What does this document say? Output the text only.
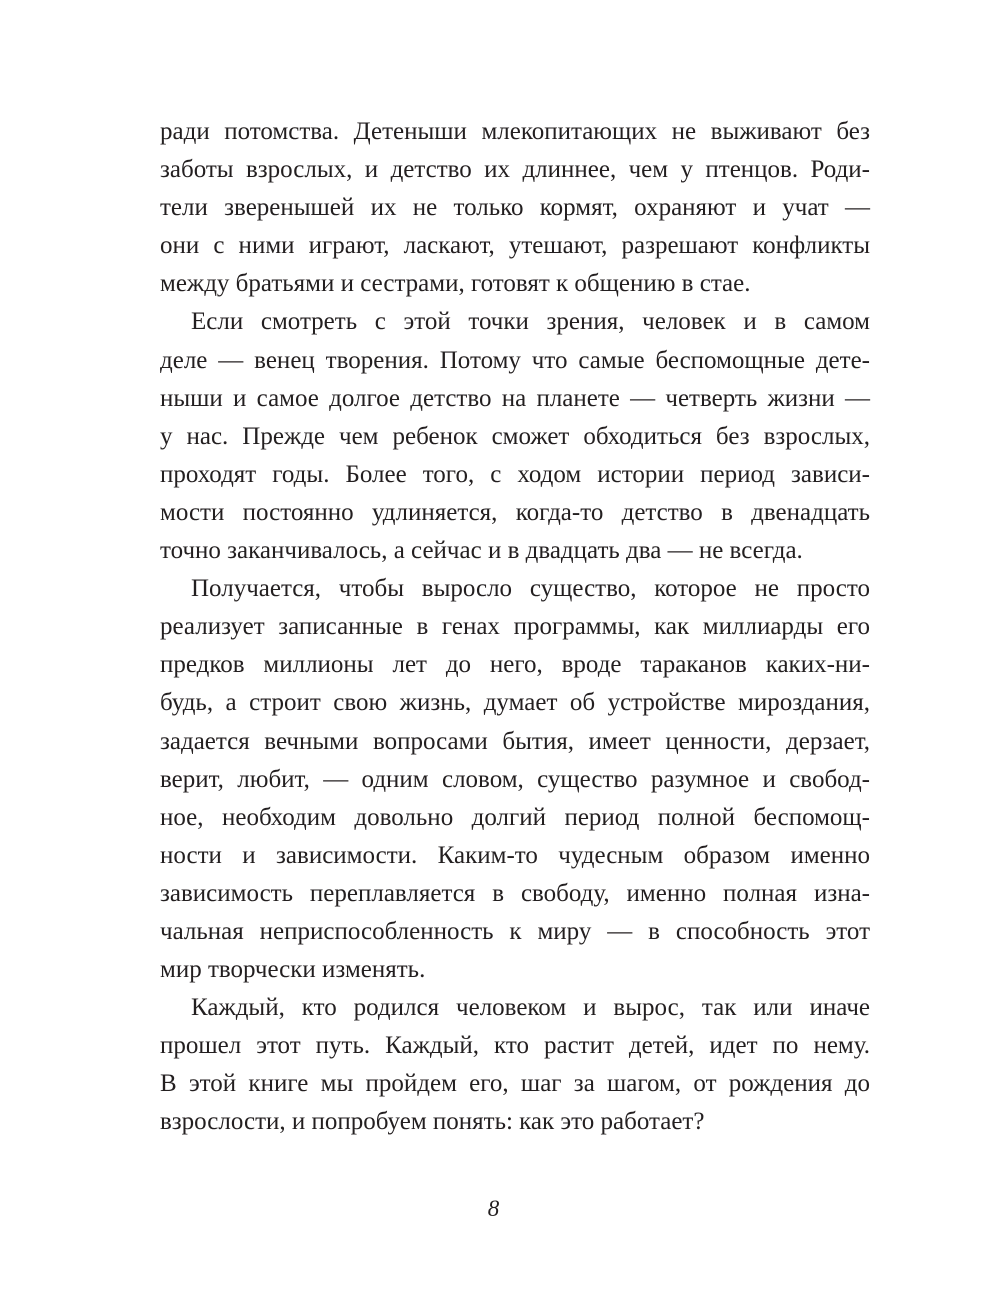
ради потомства. Детеныши млекопитающих не выживают без
заботы взрослых, и детство их длиннее, чем у птенцов. Роди-
тели зверенышей их не только кормят, охраняют и учат —
они с ними играют, ласкают, утешают, разрешают конфликты
между братьями и сестрами, готовят к общению в стае.

Если смотреть с этой точки зрения, человек и в самом
деле — венец творения. Потому что самые беспомощные дете-
ныши и самое долгое детство на планете — четверть жизни —
у нас. Прежде чем ребенок сможет обходиться без взрослых,
проходят годы. Более того, с ходом истории период зависи-
мости постоянно удлиняется, когда-то детство в двенадцать
точно заканчивалось, а сейчас и в двадцать два — не всегда.

Получается, чтобы выросло существо, которое не просто
реализует записанные в генах программы, как миллиарды его
предков миллионы лет до него, вроде тараканов каких-ни-
будь, а строит свою жизнь, думает об устройстве мироздания,
задается вечными вопросами бытия, имеет ценности, дерзает,
верит, любит, — одним словом, существо разумное и свобод-
ное, необходим довольно долгий период полной беспомощ-
ности и зависимости. Каким-то чудесным образом именно
зависимость переплавляется в свободу, именно полная изна-
чальная неприспособленность к миру — в способность этот
мир творчески изменять.

Каждый, кто родился человеком и вырос, так или иначе
прошел этот путь. Каждый, кто растит детей, идет по нему.
В этой книге мы пройдем его, шаг за шагом, от рождения до
взрослости, и попробуем понять: как это работает?

8
